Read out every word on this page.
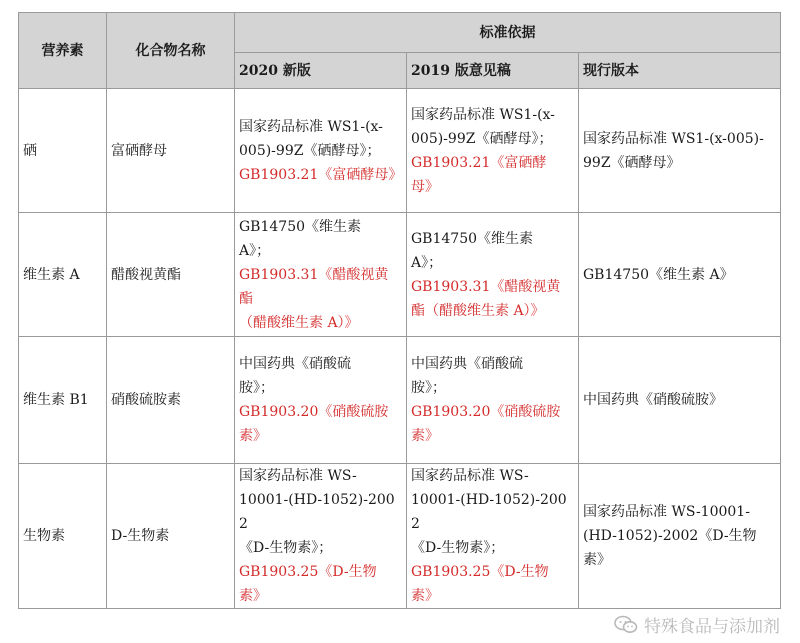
营养素	化合物名称	标准依据		
		2020 新版	2019 版意见稿	现行版本
硒	富硒酵母	国家药品标准 WS1-(x-
005)-99Z《硒酵母》；
GB1903.21《富硒酵母》	国家药品标准 WS1-(x-
005)-99Z《硒酵母》；
GB1903.21《富硒酵
母》	国家药品标准 WS1-(x-005)-
99Z《硒酵母》

维生素 A	醋酸视黄酯	GB14750《维生素
A》；
GB1903.31《醋酸视黄酯
（醋酸维生素 A）》	GB14750《维生素
A》；
GB1903.31《醋酸视黄
酯（醋酸维生素 A）》	GB14750《维生素 A》

维生素 B1	硝酸硫胺素	中国药典《硝酸硫
胺》；
GB1903.20《硝酸硫胺
素》	中国药典《硝酸硫
胺》；
GB1903.20《硝酸硫胺
素》	中国药典《硝酸硫胺》

生物素	D-生物素	国家药品标准 WS-
10001-(HD-1052)-2002
《D-生物素》；
GB1903.25《D-生物
素》	国家药品标准 WS-
10001-(HD-1052)-2002
《D-生物素》；
GB1903.25《D-生物
素》	国家药品标准 WS-10001-
(HD-1052)-2002《D-生物
素》
特殊食品与添加剂
